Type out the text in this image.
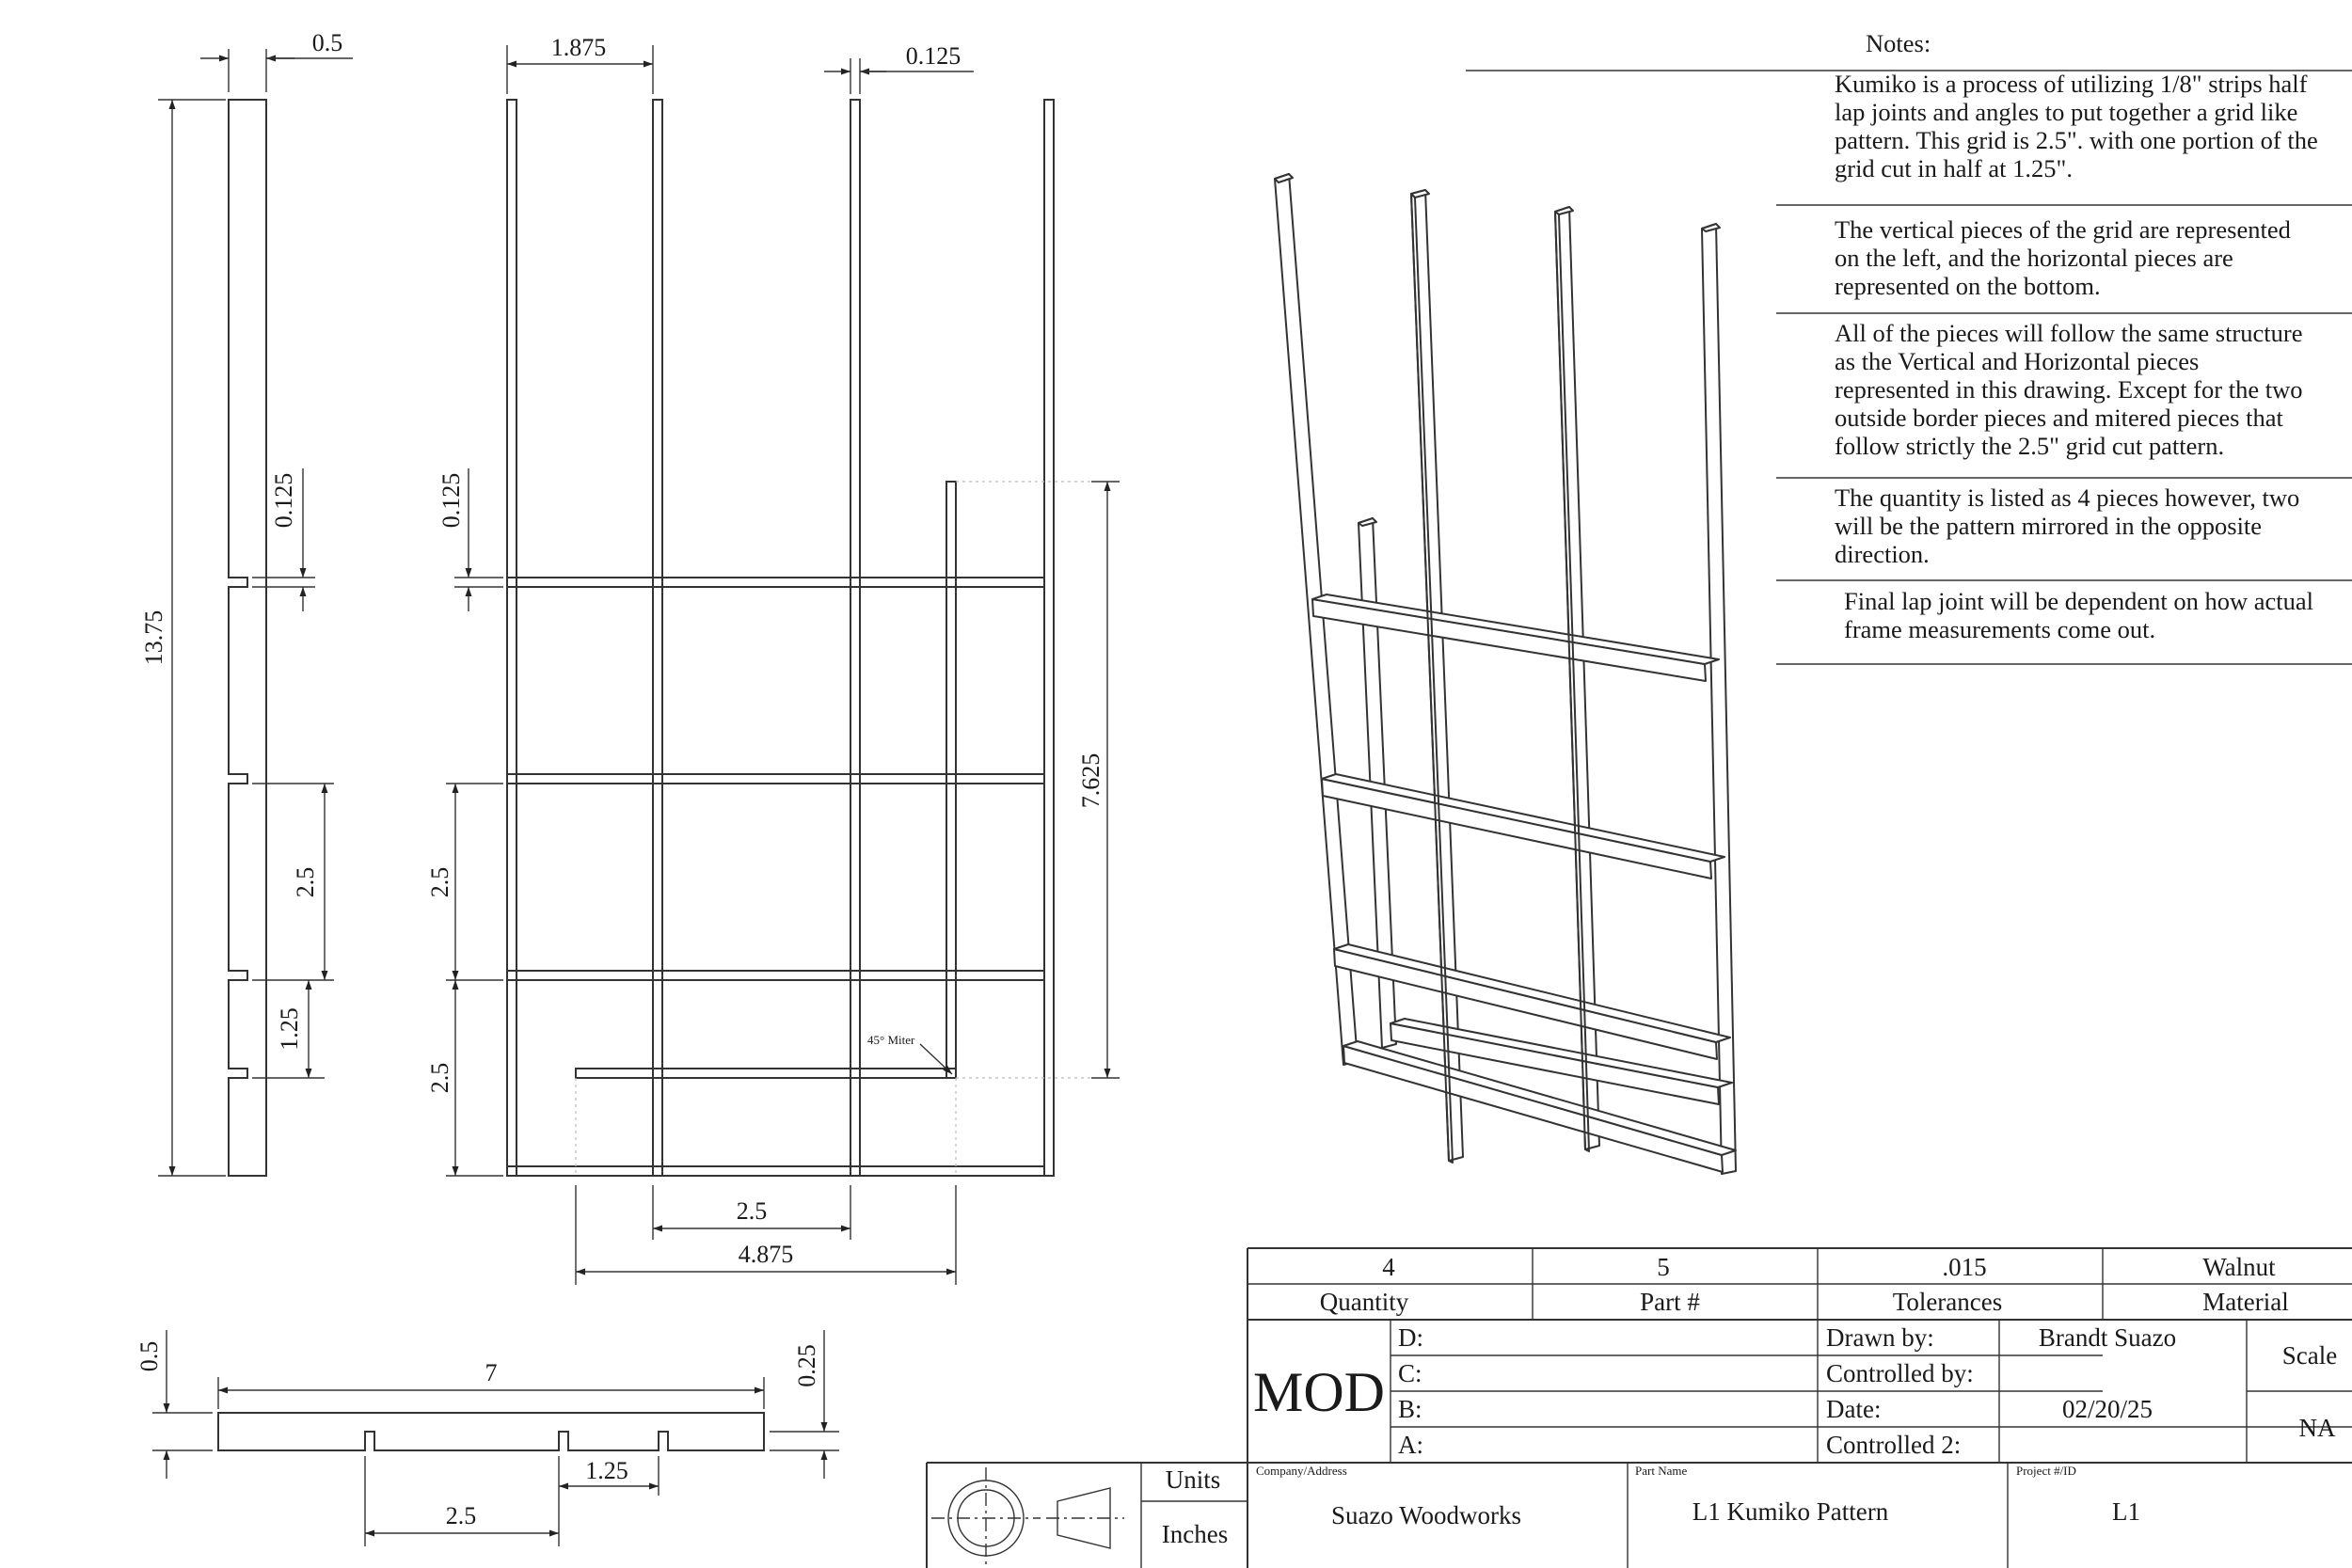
0.5
13.75
0.125
2.5
1.25
1.875	0.125
0.125
2.5
2.5
7.625
45° Miter
2.5
4.875
7
0.5	0.25
1.25
2.5
Notes:
Kumiko is a process of utilizing 1/8" strips half
lap joints and angles to put together a grid like
pattern. This grid is 2.5". with one portion of the
grid cut in half at 1.25".
The vertical pieces of the grid are represented
on the left, and the horizontal pieces are
represented on the bottom.
All of the pieces will follow the same structure
as the Vertical and Horizontal pieces
represented in this drawing. Except for the two
outside border pieces and mitered pieces that
follow strictly the 2.5" grid cut pattern.
The quantity is listed as 4 pieces however, two
will be the pattern mirrored in the opposite
direction.
Final lap joint will be dependent on how actual
frame measurements come out.
4	5	.015	Walnut
Quantity	Part #	Tolerances	Material
MOD
D:
C:
B:
A:
Drawn by:	Brandt Suazo
Controlled by:
Date:	02/20/25
Controlled 2:
Scale
NA
Units
Inches
Company/Address
Suazo Woodworks
Part Name
L1 Kumiko Pattern
Project #/ID
L1
